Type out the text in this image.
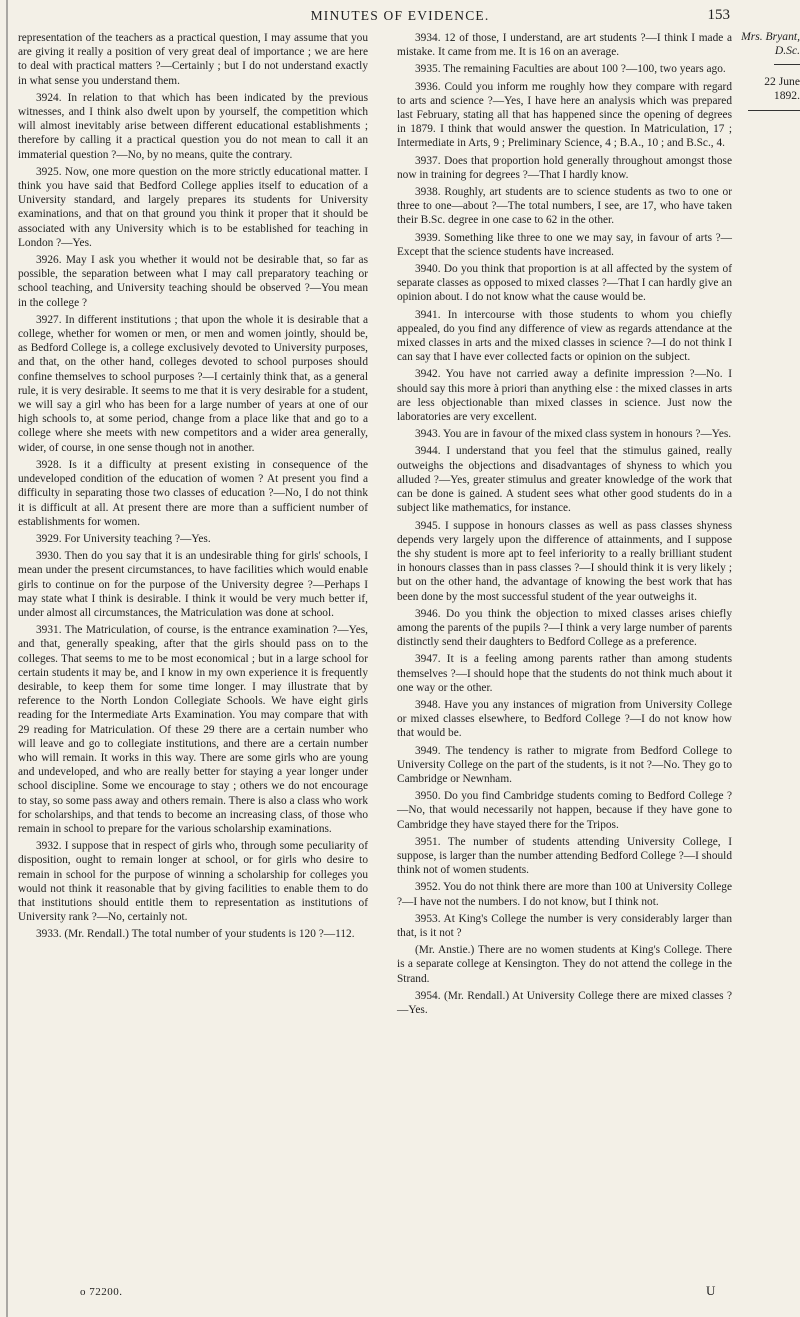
MINUTES OF EVIDENCE.	153

representation of the teachers as a practical question, I may assume that you are giving it really a position of very great deal of importance ; we are here to deal with practical matters ?—Certainly ; but I do not understand exactly in what sense you understand them.

3924. In relation to that which has been indicated by the previous witnesses, and I think also dwelt upon by yourself, the competition which will almost inevitably arise between different educational establishments ; therefore by calling it a practical question you do not mean to call it an immaterial question ?—No, by no means, quite the contrary.

3925. Now, one more question on the more strictly educational matter. I think you have said that Bedford College applies itself to education of a University standard, and largely prepares its students for University examinations, and that on that ground you think it proper that it should be associated with any University which is to be established for teaching in London ?—Yes.

3926. May I ask you whether it would not be desirable that, so far as possible, the separation between what I may call preparatory teaching or school teaching, and University teaching should be observed ?—You mean in the college ?

3927. In different institutions ; that upon the whole it is desirable that a college, whether for women or men, or men and women jointly, should be, as Bedford College is, a college exclusively devoted to University purposes, and that, on the other hand, colleges devoted to school purposes should confine themselves to school purposes ?—I certainly think that, as a general rule, it is very desirable. It seems to me that it is very desirable for a student, we will say a girl who has been for a large number of years at one of our high schools to, at some period, change from a place like that and go to a college where she meets with new competitors and a wider area generally, wider, of course, in one sense though not in another.

3928. Is it a difficulty at present existing in consequence of the undeveloped condition of the education of women ? At present you find a difficulty in separating those two classes of education ?—No, I do not think it is difficult at all. At present there are more than a sufficient number of establishments for women.

3929. For University teaching ?—Yes.

3930. Then do you say that it is an undesirable thing for girls' schools, I mean under the present circumstances, to have facilities which would enable girls to continue on for the purpose of the University degree ?—Perhaps I may state what I think is desirable. I think it would be very much better if, under almost all circumstances, the Matriculation was done at school.

3931. The Matriculation, of course, is the entrance examination ?—Yes, and that, generally speaking, after that the girls should pass on to the colleges. That seems to me to be most economical ; but in a large school for certain students it may be, and I know in my own experience it is frequently desirable, to keep them for some time longer. I may illustrate that by reference to the North London Collegiate Schools. We have eight girls reading for the Intermediate Arts Examination. You may compare that with 29 reading for Matriculation. Of these 29 there are a certain number who will leave and go to collegiate institutions, and there are a certain number who will remain. It works in this way. There are some girls who are young and undeveloped, and who are really better for staying a year longer under school discipline. Some we encourage to stay ; others we do not encourage to stay, so some pass away and others remain. There is also a class who work for scholarships, and that tends to become an increasing class, of those who remain in school to prepare for the various scholarship examinations.

3932. I suppose that in respect of girls who, through some peculiarity of disposition, ought to remain longer at school, or for girls who desire to remain in school for the purpose of winning a scholarship for colleges you would not think it reasonable that by giving facilities to enable them to do that institutions should entitle them to representation as institutions of University rank ?—No, certainly not.

3933. (Mr. Rendall.) The total number of your students is 120 ?—112.

3934. 12 of those, I understand, are art students ?—I think I made a mistake. It came from me. It is 16 on an average.

3935. The remaining Faculties are about 100 ?—100, two years ago.

3936. Could you inform me roughly how they compare with regard to arts and science ?—Yes, I have here an analysis which was prepared last February, stating all that has happened since the opening of degrees in 1879. I think that would answer the question. In Matriculation, 17 ; Intermediate in Arts, 9 ; Preliminary Science, 4 ; B.A., 10 ; and B.Sc., 4.

3937. Does that proportion hold generally throughout amongst those now in training for degrees ?—That I hardly know.

3938. Roughly, art students are to science students as two to one or three to one—about ?—The total numbers, I see, are 17, who have taken their B.Sc. degree in one case to 62 in the other.

3939. Something like three to one we may say, in favour of arts ?—Except that the science students have increased.

3940. Do you think that proportion is at all affected by the system of separate classes as opposed to mixed classes ?—That I can hardly give an opinion about. I do not know what the cause would be.

3941. In intercourse with those students to whom you chiefly appealed, do you find any difference of view as regards attendance at the mixed classes in arts and the mixed classes in science ?—I do not think I can say that I have ever collected facts or opinion on the subject.

3942. You have not carried away a definite impression ?—No. I should say this more à priori than anything else : the mixed classes in arts are less objectionable than mixed classes in science. Just now the laboratories are very excellent.

3943. You are in favour of the mixed class system in honours ?—Yes.

3944. I understand that you feel that the stimulus gained, really outweighs the objections and disadvantages of shyness to which you alluded ?—Yes, greater stimulus and greater knowledge of the work that can be done is gained. A student sees what other good students do in a subject like mathematics, for instance.

3945. I suppose in honours classes as well as pass classes shyness depends very largely upon the difference of attainments, and I suppose the shy student is more apt to feel inferiority to a really brilliant student in honours classes than in pass classes ?—I should think it is very likely ; but on the other hand, the advantage of knowing the best work that has been done by the most successful student of the year outweighs it.

3946. Do you think the objection to mixed classes arises chiefly among the parents of the pupils ?—I think a very large number of parents distinctly send their daughters to Bedford College as a preference.

3947. It is a feeling among parents rather than among students themselves ?—I should hope that the students do not think much about it one way or the other.

3948. Have you any instances of migration from University College or mixed classes elsewhere, to Bedford College ?—I do not know how that would be.

3949. The tendency is rather to migrate from Bedford College to University College on the part of the students, is it not ?—No. They go to Cambridge or Newnham.

3950. Do you find Cambridge students coming to Bedford College ?—No, that would necessarily not happen, because if they have gone to Cambridge they have stayed there for the Tripos.

3951. The number of students attending University College, I suppose, is larger than the number attending Bedford College ?—I should think not of women students.

3952. You do not think there are more than 100 at University College ?—I have not the numbers. I do not know, but I think not.

3953. At King's College the number is very considerably larger than that, is it not ?

(Mr. Anstie.) There are no women students at King's College. There is a separate college at Kensington. They do not attend the college in the Strand.

3954. (Mr. Rendall.) At University College there are mixed classes ?—Yes.

Mrs. Bryant,
D.Sc.
22 June 1892.
o 72200.	U
